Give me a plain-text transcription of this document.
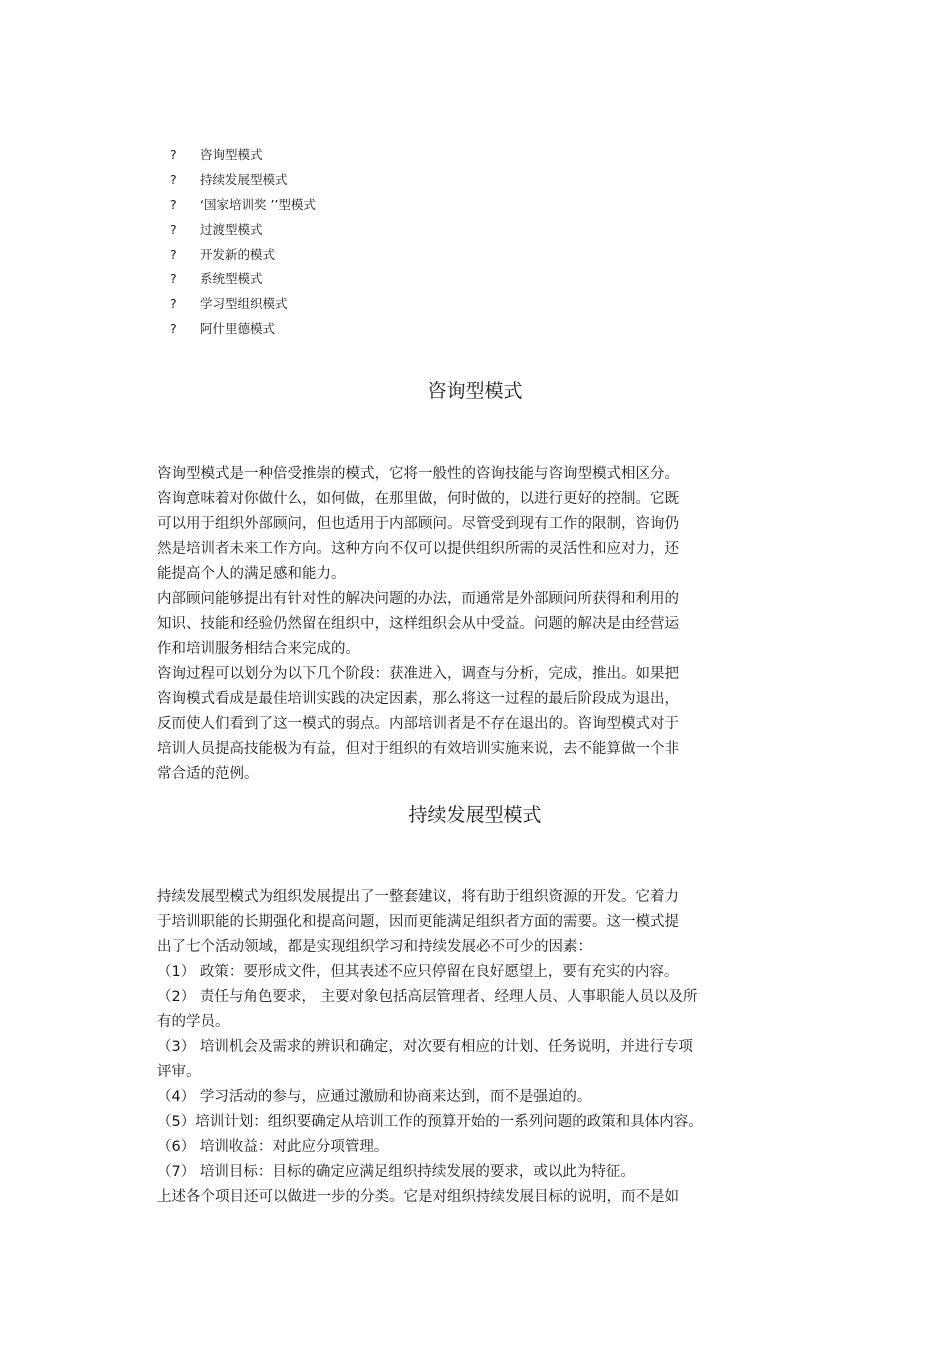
?	咨询型模式
?	持续发展型模式
?	‘国家培训奖 ’’型模式
?	过渡型模式
?	开发新的模式
?	系统型模式
?	学习型组织模式
?	阿什里德模式
咨询型模式
咨询型模式是一种倍受推崇的模式，它将一般性的咨询技能与咨询型模式相区分。
咨询意味着对你做什么，如何做，在那里做，何时做的，以进行更好的控制。它既
可以用于组织外部顾问，但也适用于内部顾问。尽管受到现有工作的限制，咨询仍
然是培训者未来工作方向。这种方向不仅可以提供组织所需的灵活性和应对力，还
能提高个人的满足感和能力。
内部顾问能够提出有针对性的解决问题的办法，而通常是外部顾问所获得和利用的
知识、技能和经验仍然留在组织中，这样组织会从中受益。问题的解决是由经营运
作和培训服务相结合来完成的。
咨询过程可以划分为以下几个阶段：获准进入，调查与分析，完成，推出。如果把
咨询模式看成是最佳培训实践的决定因素，那么将这一过程的最后阶段成为退出，
反而使人们看到了这一模式的弱点。内部培训者是不存在退出的。咨询型模式对于
培训人员提高技能极为有益，但对于组织的有效培训实施来说，去不能算做一个非
常合适的范例。
持续发展型模式
持续发展型模式为组织发展提出了一整套建议，将有助于组织资源的开发。它着力
于培训职能的长期强化和提高问题，因而更能满足组织者方面的需要。这一模式提
出了七个活动领域，都是实现组织学习和持续发展必不可少的因素：
（1） 政策：要形成文件，但其表述不应只停留在良好愿望上，要有充实的内容。
（2） 责任与角色要求， 主要对象包括高层管理者、经理人员、人事职能人员以及所
有的学员。
（3） 培训机会及需求的辨识和确定，对次要有相应的计划、任务说明，并进行专项
评审。
（4） 学习活动的参与，应通过激励和协商来达到，而不是强迫的。
（5）培训计划：组织要确定从培训工作的预算开始的一系列问题的政策和具体内容。
（6） 培训收益：对此应分项管理。
（7） 培训目标：目标的确定应满足组织持续发展的要求，或以此为特征。
上述各个项目还可以做进一步的分类。它是对组织持续发展目标的说明，而不是如
